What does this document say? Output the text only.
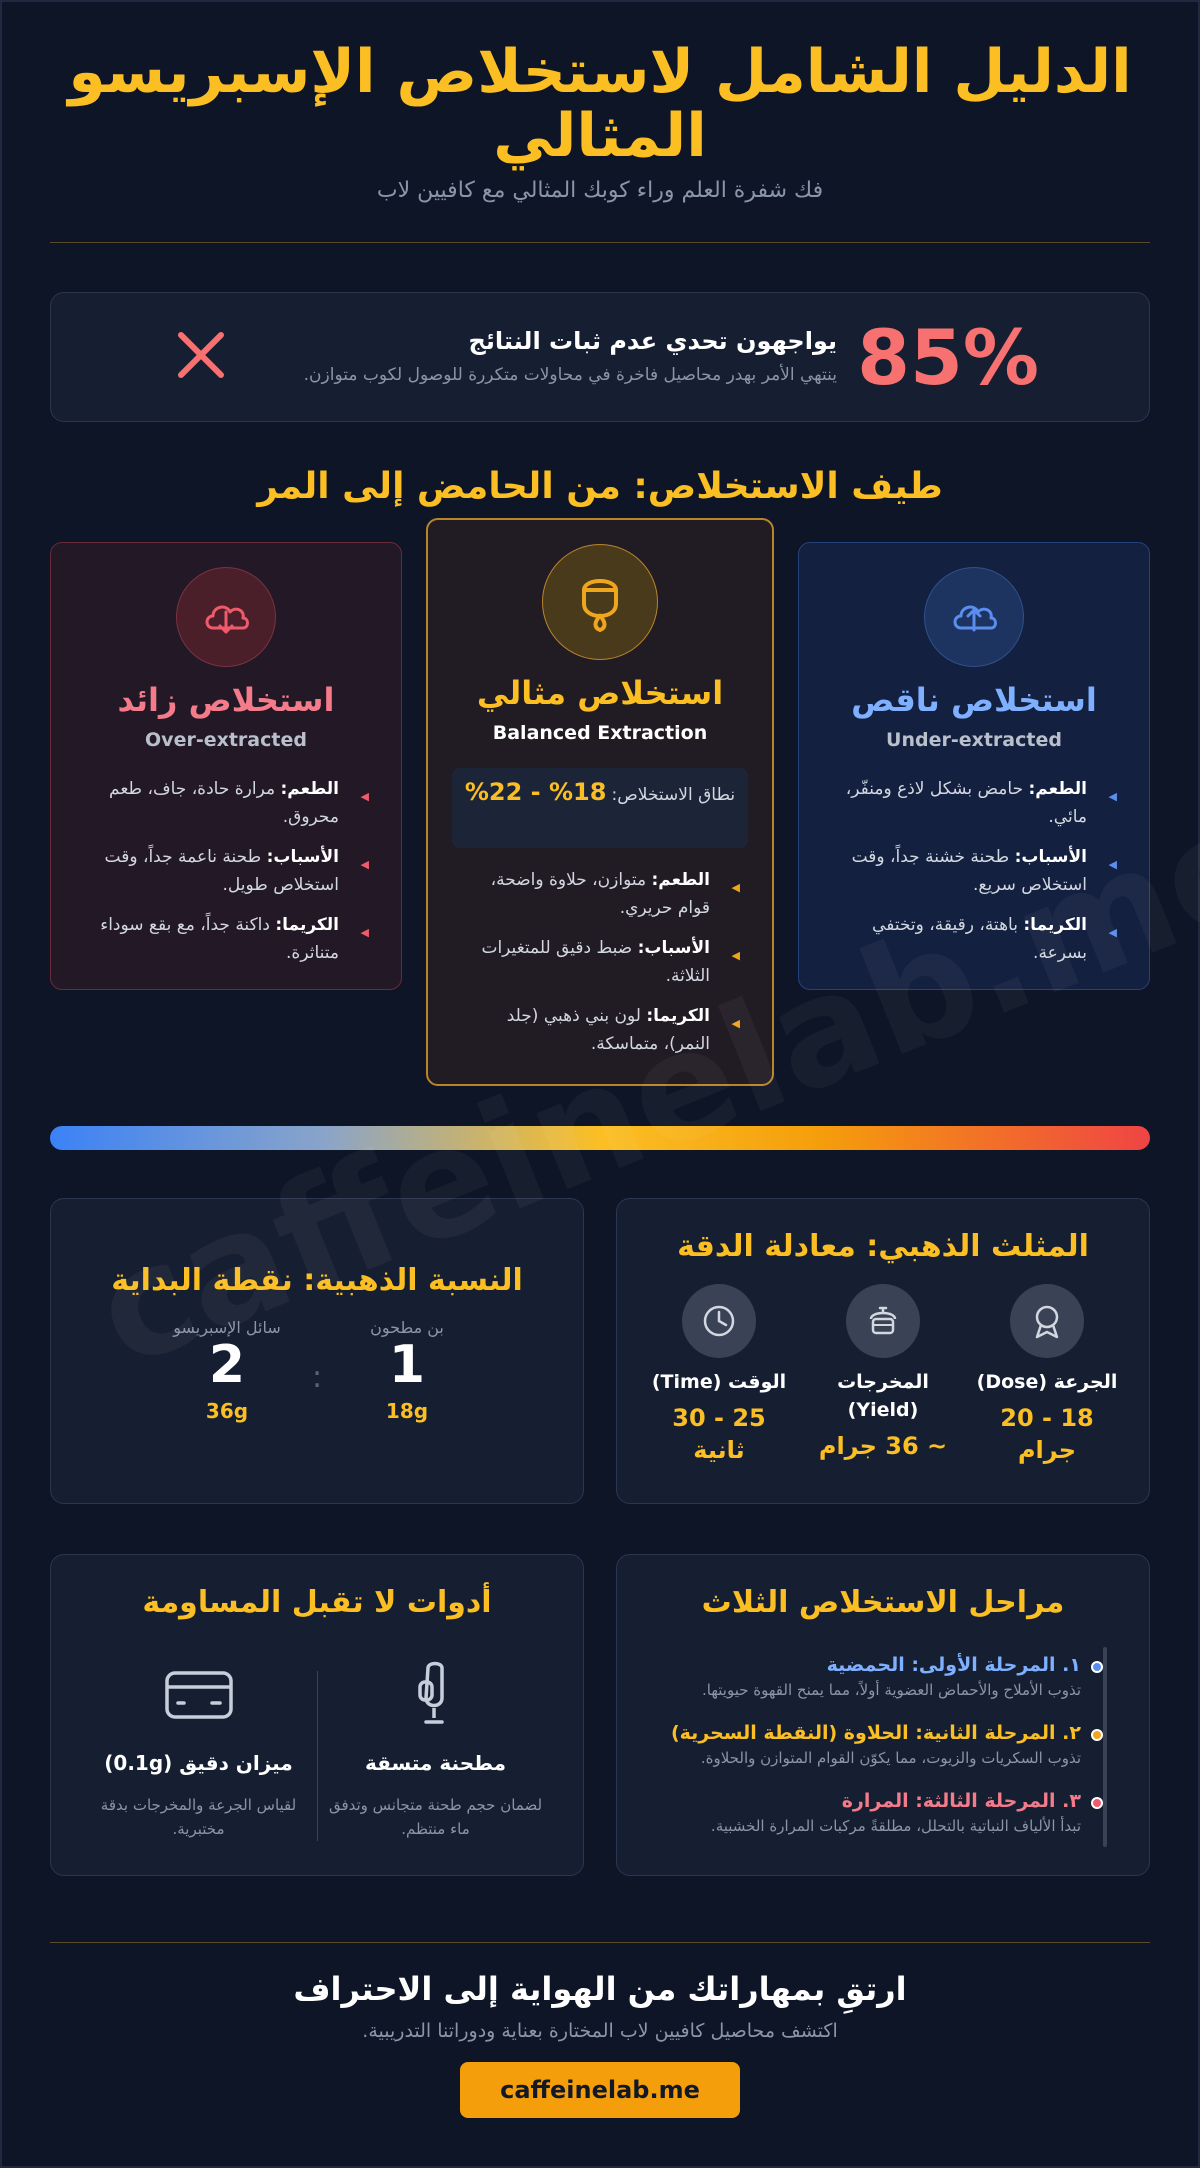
الدليل الشامل لاستخلاص الإسبريسو المثالي
فك شفرة العلم وراء كوبك المثالي مع كافيين لاب
85%
يواجهون تحدي عدم ثبات النتائج
ينتهي الأمر بهدر محاصيل فاخرة في محاولات متكررة للوصول لكوب متوازن.
طيف الاستخلاص: من الحامض إلى المر
استخلاص ناقص
Under-extracted
◀
الطعم: حامض بشكل لاذع ومنفّر، مائي.
◀
الأسباب: طحنة خشنة جداً، وقت استخلاص سريع.
◀
الكريما: باهتة، رقيقة، وتختفي بسرعة.
استخلاص مثالي
Balanced Extraction
نطاق الاستخلاص: 18% - 22%
◀
الطعم: متوازن، حلاوة واضحة، قوام حريري.
◀
الأسباب: ضبط دقيق للمتغيرات الثلاثة.
◀
الكريما: لون بني ذهبي (جلد النمر)، متماسكة.
استخلاص زائد
Over-extracted
◀
الطعم: مرارة حادة، جاف، طعم محروق.
◀
الأسباب: طحنة ناعمة جداً، وقت استخلاص طويل.
◀
الكريما: داكنة جداً، مع بقع سوداء متناثرة.
المثلث الذهبي: معادلة الدقة
الجرعة (Dose)
18 - 20 جرام
المخرجات (Yield)
~ 36 جرام
الوقت (Time)
25 - 30 ثانية
النسبة الذهبية: نقطة البداية
بن مطحون
1
18g
:
سائل الإسبريسو
2
36g
مراحل الاستخلاص الثلاث
١. المرحلة الأولى: الحمضية
تذوب الأملاح والأحماض العضوية أولاً، مما يمنح القهوة حيويتها.
٢. المرحلة الثانية: الحلاوة (النقطة السحرية)
تذوب السكريات والزيوت، مما يكوّن القوام المتوازن والحلاوة.
٣. المرحلة الثالثة: المرارة
تبدأ الألياف النباتية بالتحلل، مطلقةً مركبات المرارة الخشبية.
أدوات لا تقبل المساومة
مطحنة متسقة
لضمان حجم طحنة متجانس وتدفق ماء منتظم.
ميزان دقيق (0.1g)
لقياس الجرعة والمخرجات بدقة مختبرية.
ارتقِ بمهاراتك من الهواية إلى الاحتراف
اكتشف محاصيل كافيين لاب المختارة بعناية ودوراتنا التدريبية.
caffeinelab.me
